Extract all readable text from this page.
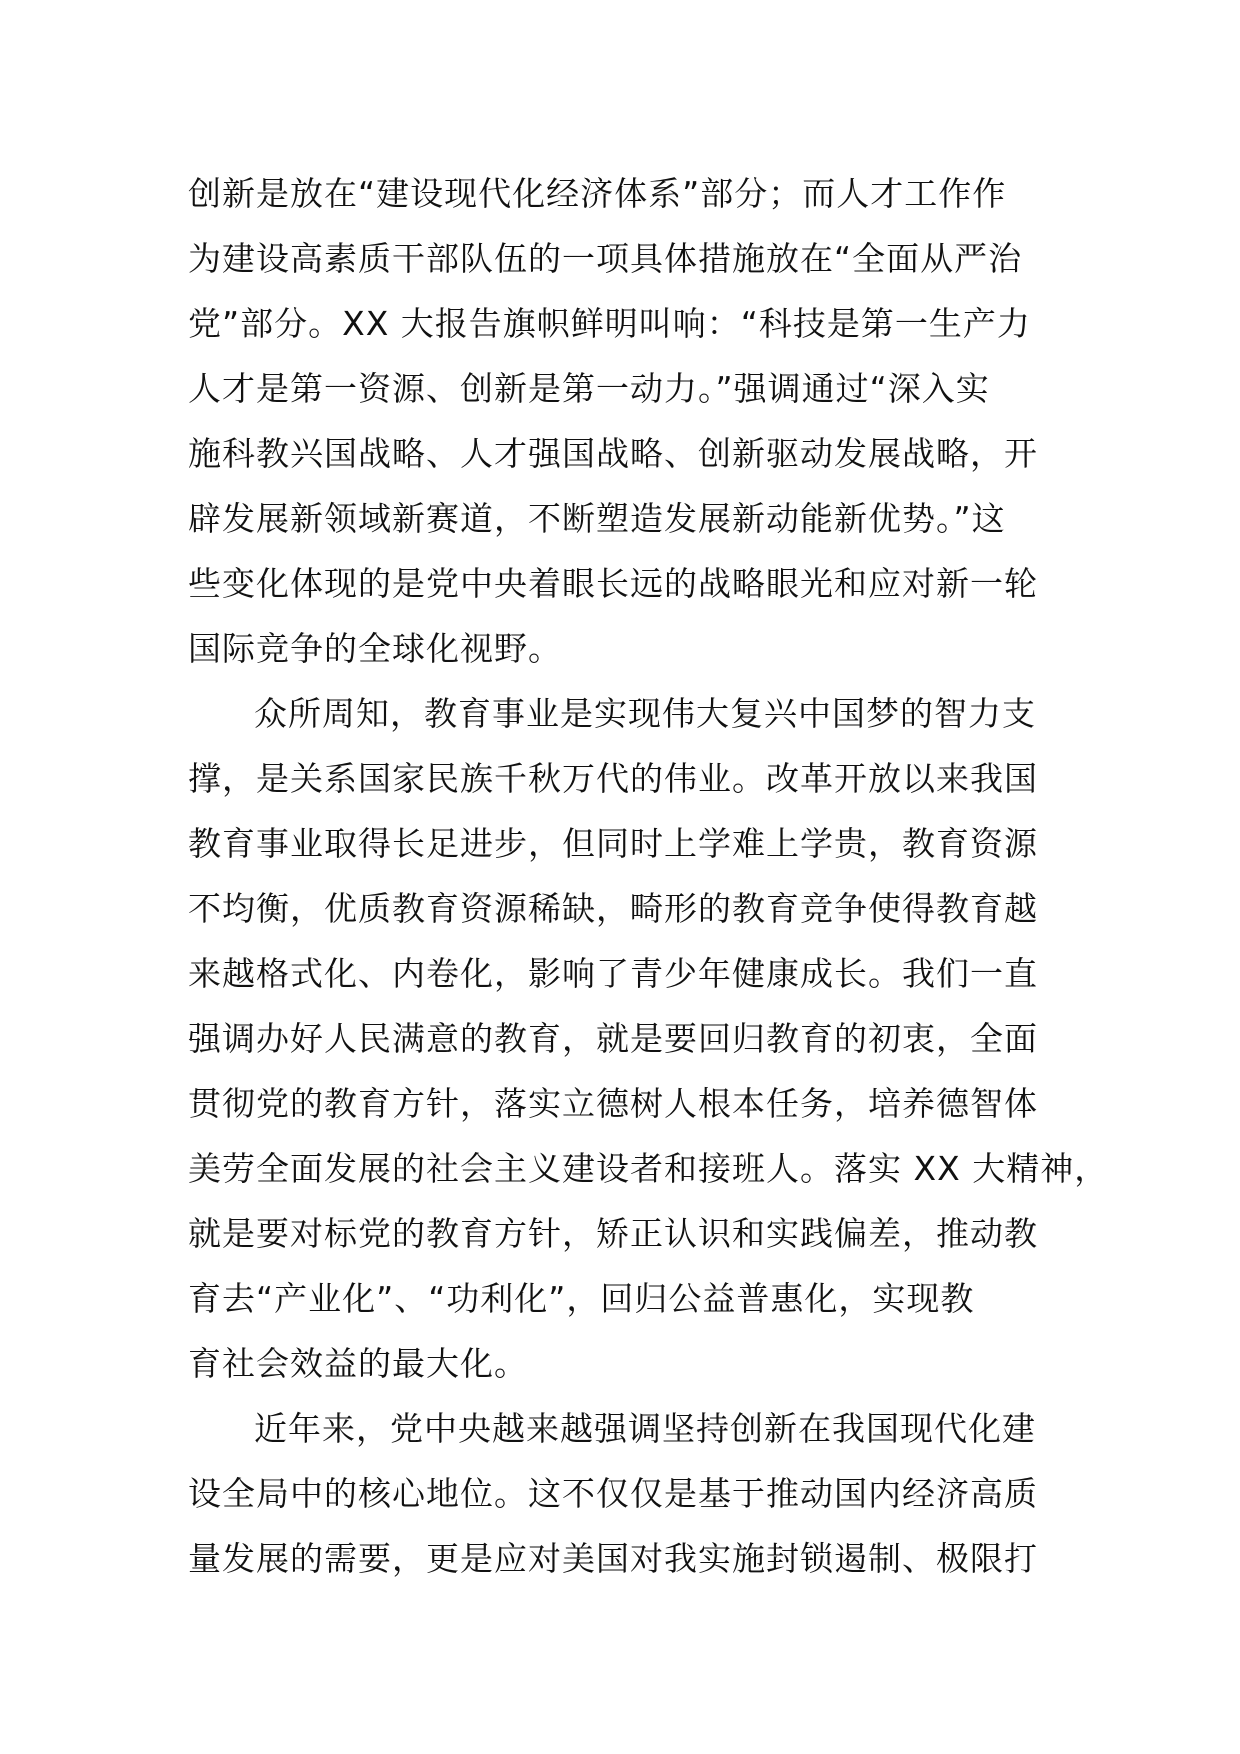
创新是放在“建设现代化经济体系”部分；而人才工作作
为建设高素质干部队伍的一项具体措施放在“全面从严治
党”部分。XX 大报告旗帜鲜明叫响：“科技是第一生产力
人才是第一资源、创新是第一动力。”强调通过“深入实
施科教兴国战略、人才强国战略、创新驱动发展战略，开
辟发展新领域新赛道，不断塑造发展新动能新优势。”这
些变化体现的是党中央着眼长远的战略眼光和应对新一轮
国际竞争的全球化视野。
众所周知，教育事业是实现伟大复兴中国梦的智力支
撑，是关系国家民族千秋万代的伟业。改革开放以来我国
教育事业取得长足进步，但同时上学难上学贵，教育资源
不均衡，优质教育资源稀缺，畸形的教育竞争使得教育越
来越格式化、内卷化，影响了青少年健康成长。我们一直
强调办好人民满意的教育，就是要回归教育的初衷，全面
贯彻党的教育方针，落实立德树人根本任务，培养德智体
美劳全面发展的社会主义建设者和接班人。落实 XX 大精神，
就是要对标党的教育方针，矫正认识和实践偏差，推动教
育去“产业化”、“功利化”，回归公益普惠化，实现教
育社会效益的最大化。
近年来，党中央越来越强调坚持创新在我国现代化建
设全局中的核心地位。这不仅仅是基于推动国内经济高质
量发展的需要，更是应对美国对我实施封锁遏制、极限打
